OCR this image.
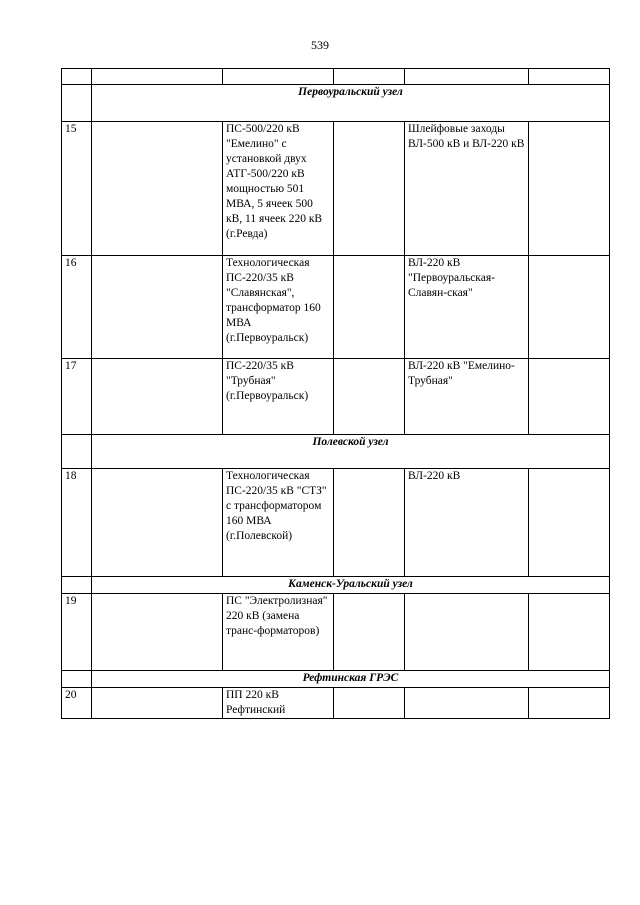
539

	Первоуральский узел				
15		ПС-500/220 кВ "Емелино" с установкой двух АТГ-500/220 кВ мощностью 501 МВА, 5 ячеек 500 кВ, 11 ячеек 220 кВ (г.Ревда)		Шлейфовые заходы ВЛ-500 кВ и ВЛ-220 кВ	
16		Технологическая ПС-220/35 кВ "Славянская", трансформатор 160 МВА (г.Первоуральск)		ВЛ-220 кВ "Первоуральская-Славян-ская"	
17		ПС-220/35 кВ "Трубная" (г.Первоуральск)		ВЛ-220 кВ "Емелино-Трубная"	
	Полевской узел				
18		Технологическая ПС-220/35 кВ "СТЗ" с трансформатором 160 МВА (г.Полевской)		ВЛ-220 кВ	
	Каменск-Уральский узел				
19		ПС "Электролизная" 220 кВ (замена транс-форматоров)			
	Рефтинская ГРЭС				
20		ПП 220 кВ Рефтинский			
